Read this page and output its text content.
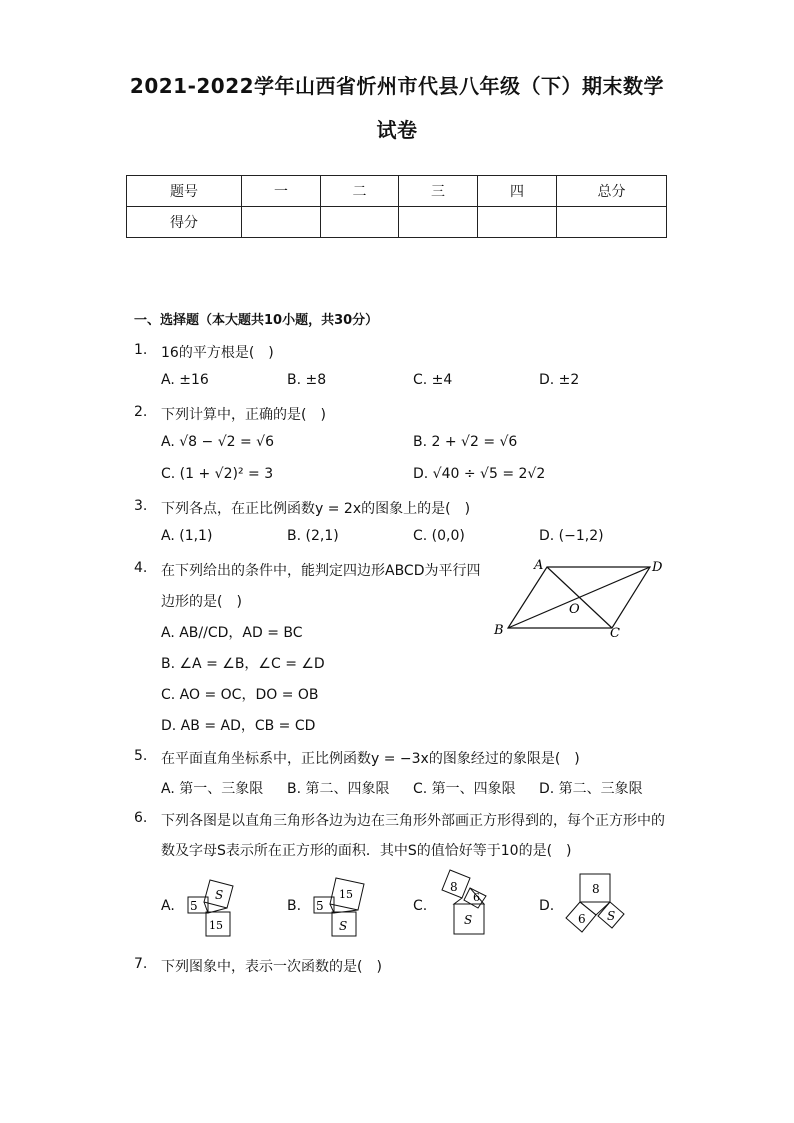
2021-2022学年山西省忻州市代县八年级（下）期末数学
试卷
题号	一	二	三	四	总分
得分					
一、选择题（本大题共10小题，共30分）
1. 16的平方根是(　)
A. ±16	B. ±8	C. ±4	D. ±2
2. 下列计算中，正确的是(　)
A. √8 − √2 = √6	B. 2 + √2 = √6
C. (1 + √2)² = 3	D. √40 ÷ √5 = 2√2
3. 下列各点，在正比例函数y = 2x的图象上的是(　)
A. (1,1)	B. (2,1)	C. (0,0)	D. (−1,2)
4. 在下列给出的条件中，能判定四边形ABCD为平行四
边形的是(　)
A. AB//CD，AD = BC
B. ∠A = ∠B，∠C = ∠D
C. AO = OC，DO = OB
D. AB = AD，CB = CD
A	D
B	C
O
5. 在平面直角坐标系中，正比例函数y = −3x的图象经过的象限是(　)
A. 第一、三象限 B. 第二、四象限 C. 第一、四象限 D. 第二、三象限
6. 下列各图是以直角三角形各边为边在三角形外部画正方形得到的，每个正方形中的
数及字母S表示所在正方形的面积．其中S的值恰好等于10的是(　)
A.	B.	C.	D.
S
5
15
15
5
S
8
6
S
8
6 S
7. 下列图象中，表示一次函数的是(　)
